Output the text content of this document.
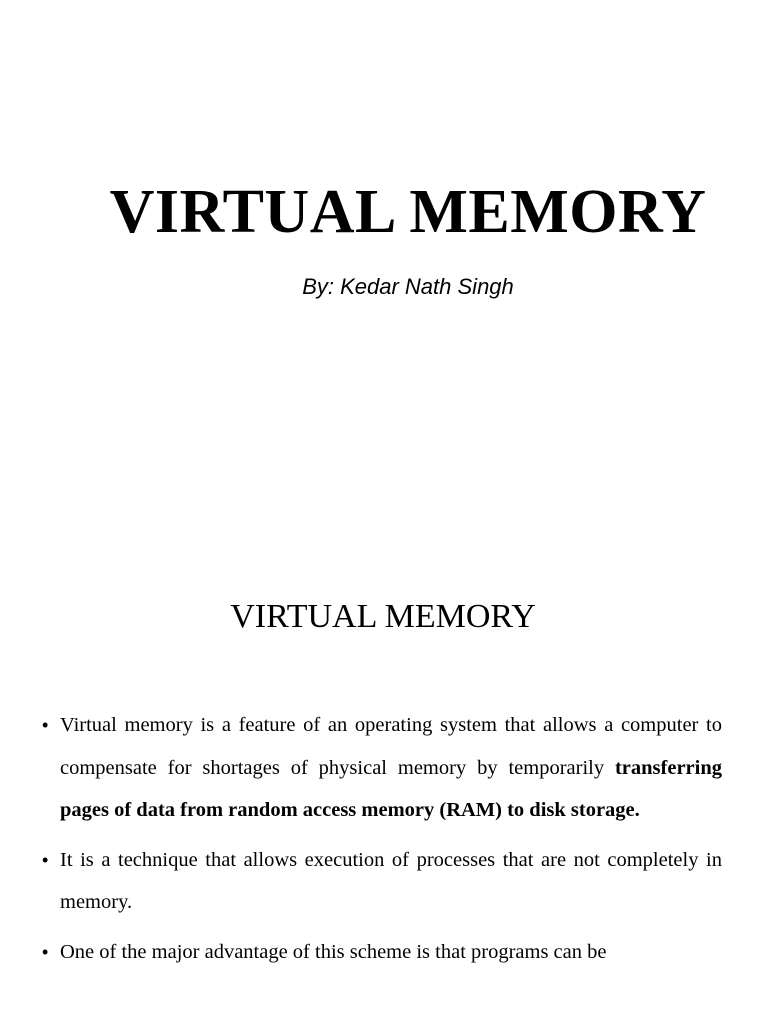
VIRTUAL MEMORY
By: Kedar Nath Singh
VIRTUAL MEMORY
• Virtual memory is a feature of an operating system that allows a computer to compensate for shortages of physical memory by temporarily transferring pages of data from random access memory (RAM) to disk storage.
• It is a technique that allows execution of processes that are not completely in memory.
• One of the major advantage of this scheme is that programs can be
